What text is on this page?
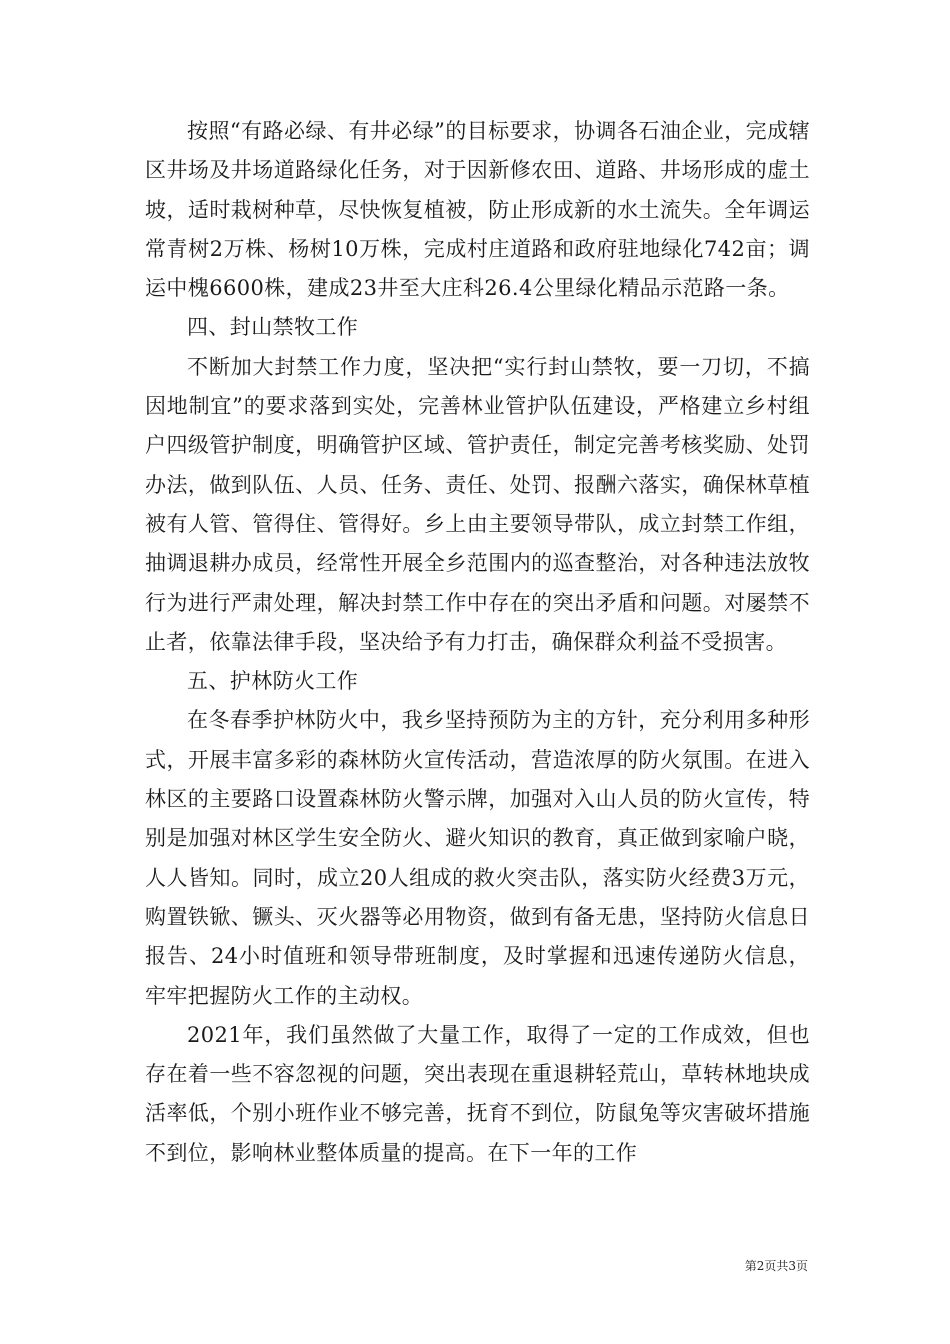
按照“有路必绿、有井必绿”的目标要求，协调各石油企业，完成辖区井场及井场道路绿化任务，对于因新修农田、道路、井场形成的虚土坡，适时栽树种草，尽快恢复植被，防止形成新的水土流失。全年调运常青树2万株、杨树10万株，完成村庄道路和政府驻地绿化742亩；调运中槐6600株，建成23井至大庄科26.4公里绿化精品示范路一条。

四、封山禁牧工作

不断加大封禁工作力度，坚决把“实行封山禁牧，要一刀切，不搞因地制宜”的要求落到实处，完善林业管护队伍建设，严格建立乡村组户四级管护制度，明确管护区域、管护责任，制定完善考核奖励、处罚办法，做到队伍、人员、任务、责任、处罚、报酬六落实，确保林草植被有人管、管得住、管得好。乡上由主要领导带队，成立封禁工作组，抽调退耕办成员，经常性开展全乡范围内的巡查整治，对各种违法放牧行为进行严肃处理，解决封禁工作中存在的突出矛盾和问题。对屡禁不止者，依靠法律手段，坚决给予有力打击，确保群众利益不受损害。

五、护林防火工作

在冬春季护林防火中，我乡坚持预防为主的方针，充分利用多种形式，开展丰富多彩的森林防火宣传活动，营造浓厚的防火氛围。在进入林区的主要路口设置森林防火警示牌，加强对入山人员的防火宣传，特别是加强对林区学生安全防火、避火知识的教育，真正做到家喻户晓，人人皆知。同时，成立20人组成的救火突击队，落实防火经费3万元，购置铁锨、镢头、灭火器等必用物资，做到有备无患，坚持防火信息日报告、24小时值班和领导带班制度，及时掌握和迅速传递防火信息，牢牢把握防火工作的主动权。

2021年，我们虽然做了大量工作，取得了一定的工作成效，但也存在着一些不容忽视的问题，突出表现在重退耕轻荒山，草转林地块成活率低，个别小班作业不够完善，抚育不到位，防鼠兔等灾害破坏措施不到位，影响林业整体质量的提高。在下一年的工作

第2页共3页
